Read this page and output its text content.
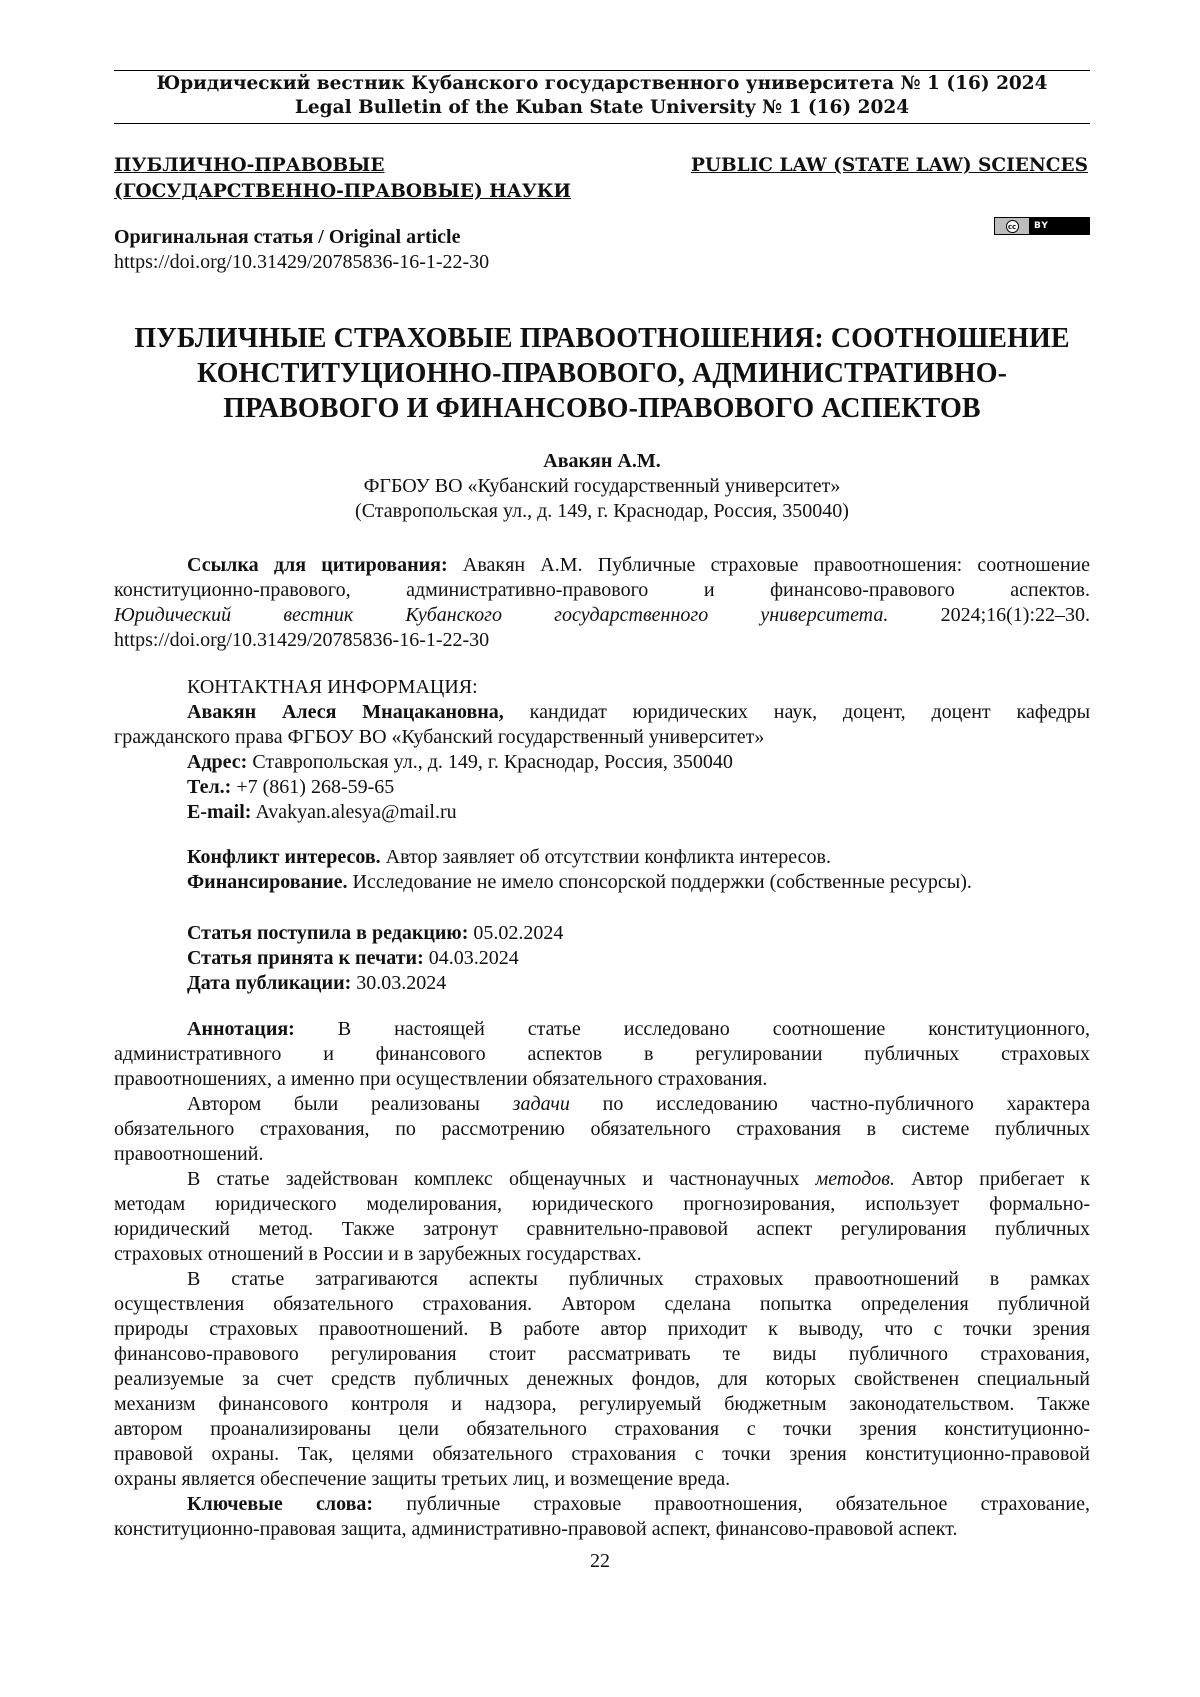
Юридический вестник Кубанского государственного университета № 1 (16) 2024
Legal Bulletin of the Kuban State University № 1 (16) 2024
ПУБЛИЧНО-ПРАВОВЫЕ
(ГОСУДАРСТВЕННО-ПРАВОВЫЕ) НАУКИ
PUBLIC LAW (STATE LAW) SCIENCES
cc	BY
Оригинальная статья / Original article
https://doi.org/10.31429/20785836-16-1-22-30
ПУБЛИЧНЫЕ СТРАХОВЫЕ ПРАВООТНОШЕНИЯ: СООТНОШЕНИЕ
КОНСТИТУЦИОННО-ПРАВОВОГО, АДМИНИСТРАТИВНО-
ПРАВОВОГО И ФИНАНСОВО-ПРАВОВОГО АСПЕКТОВ
Авакян А.М.
ФГБОУ ВО «Кубанский государственный университет»
(Ставропольская ул., д. 149, г. Краснодар, Россия, 350040)
Ссылка для цитирования: Авакян А.М. Публичные страховые правоотношения: соотношение
конституционно-правового, административно-правового и финансово-правового аспектов.
Юридический вестник Кубанского государственного университета.	2024;16(1):22–30.
https://doi.org/10.31429/20785836-16-1-22-30
КОНТАКТНАЯ ИНФОРМАЦИЯ:
Авакян Алеся Мнацакановна, кандидат юридических наук, доцент, доцент кафедры
гражданского права ФГБОУ ВО «Кубанский государственный университет»
Адрес: Ставропольская ул., д. 149, г. Краснодар, Россия, 350040
Тел.: +7 (861) 268-59-65
E-mail: Avakyan.alesya@mail.ru
Конфликт интересов. Автор заявляет об отсутствии конфликта интересов.
Финансирование. Исследование не имело спонсорской поддержки (собственные ресурсы).
Статья поступила в редакцию: 05.02.2024
Статья принята к печати: 04.03.2024
Дата публикации: 30.03.2024
Аннотация: В настоящей статье исследовано соотношение конституционного,
административного и финансового аспектов в регулировании публичных страховых
правоотношениях, а именно при осуществлении обязательного страхования.
Автором были реализованы задачи по исследованию частно-публичного характера
обязательного страхования, по рассмотрению обязательного страхования в системе публичных
правоотношений.
В статье задействован комплекс общенаучных и частнонаучных методов. Автор прибегает к
методам юридического моделирования, юридического прогнозирования, использует формально-
юридический метод. Также затронут сравнительно-правовой аспект регулирования публичных
страховых отношений в России и в зарубежных государствах.
В статье затрагиваются аспекты публичных страховых правоотношений в рамках
осуществления обязательного страхования. Автором сделана попытка определения публичной
природы страховых правоотношений. В работе автор приходит к выводу, что с точки зрения
финансово-правового регулирования стоит рассматривать те виды публичного страхования,
реализуемые за счет средств публичных денежных фондов, для которых свойственен специальный
механизм финансового контроля и надзора, регулируемый бюджетным законодательством. Также
автором проанализированы цели обязательного страхования с точки зрения конституционно-
правовой охраны. Так, целями обязательного страхования с точки зрения конституционно-правовой
охраны является обеспечение защиты третьих лиц, и возмещение вреда.
Ключевые слова: публичные страховые правоотношения, обязательное страхование,
конституционно-правовая защита, административно-правовой аспект, финансово-правовой аспект.
22
